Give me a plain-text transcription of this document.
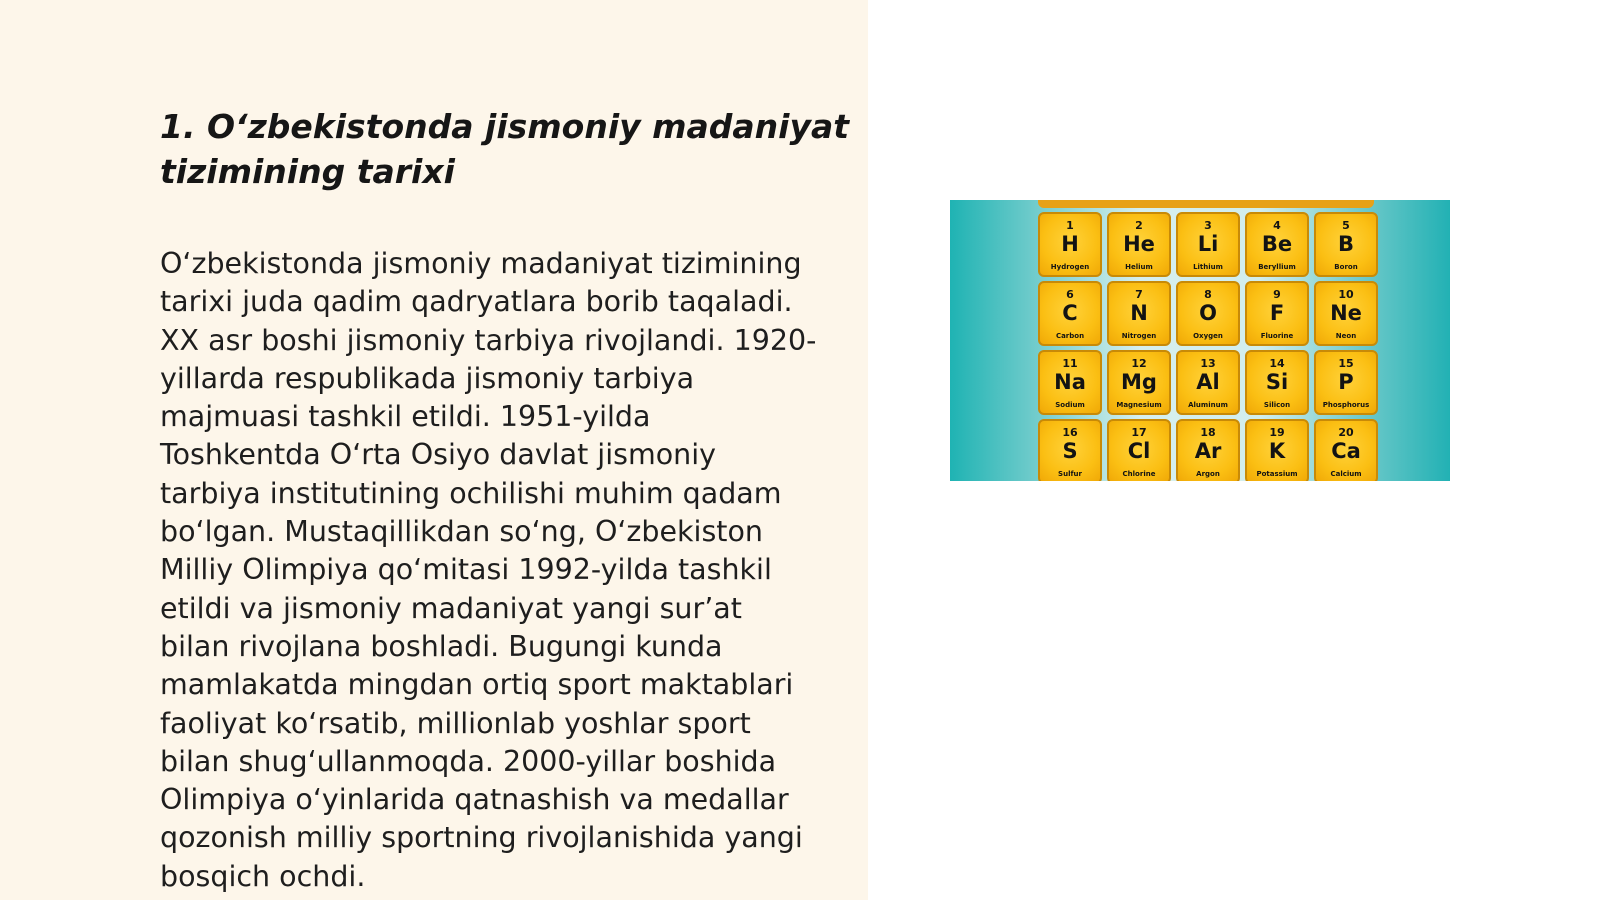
1. O‘zbekistonda jismoniy madaniyat tizimining tarixi

O‘zbekistonda jismoniy madaniyat tizimining
tarixi juda qadim qadryatlara borib taqaladi.
XX asr boshi jismoniy tarbiya rivojlandi. 1920-
yillarda respublikada jismoniy tarbiya
majmuasi tashkil etildi. 1951-yilda
Toshkentda O‘rta Osiyo davlat jismoniy
tarbiya institutining ochilishi muhim qadam
bo‘lgan. Mustaqillikdan so‘ng, O‘zbekiston
Milliy Olimpiya qo‘mitasi 1992-yilda tashkil
etildi va jismoniy madaniyat yangi sur’at
bilan rivojlana boshladi. Bugungi kunda
mamlakatda mingdan ortiq sport maktablari
faoliyat ko‘rsatib, millionlab yoshlar sport
bilan shug‘ullanmoqda. 2000-yillar boshida
Olimpiya o‘yinlarida qatnashish va medallar
qozonish milliy sportning rivojlanishida yangi
bosqich ochdi.

1
H
Hydrogen
2
He
Helium
3
Li
Lithium
4
Be
Beryllium
5
B
Boron
6
C
Carbon
7
N
Nitrogen
8
O
Oxygen
9
F
Fluorine
10
Ne
Neon
11
Na
Sodium
12
Mg
Magnesium
13
Al
Aluminum
14
Si
Silicon
15
P
Phosphorus
16
S
Sulfur
17
Cl
Chlorine
18
Ar
Argon
19
K
Potassium
20
Ca
Calcium
